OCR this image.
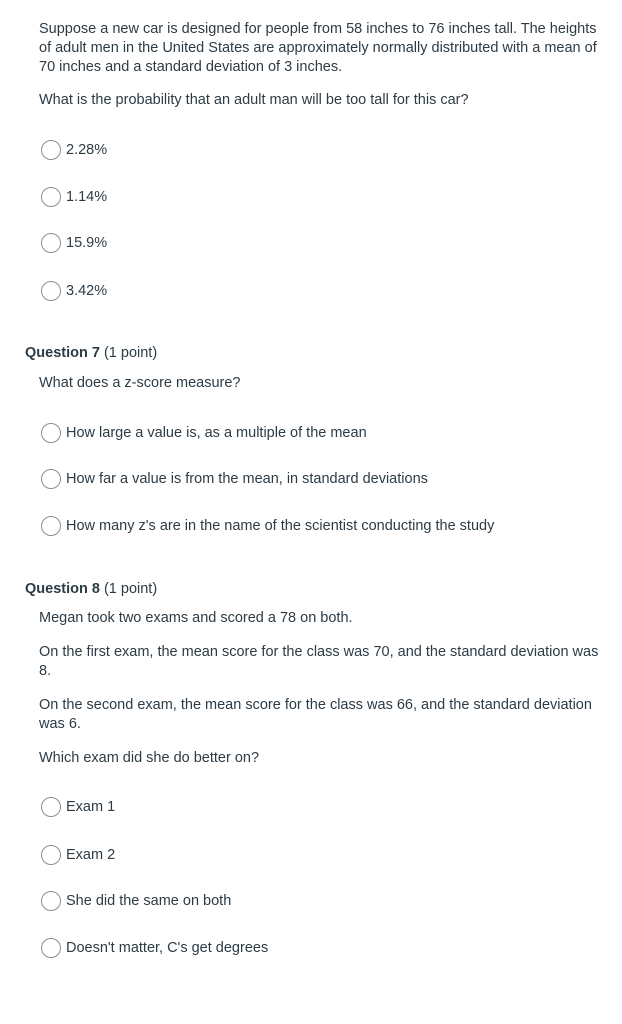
Suppose a new car is designed for people from 58 inches to 76 inches tall. The heights of adult men in the United States are approximately normally distributed with a mean of 70 inches and a standard deviation of 3 inches.

What is the probability that an adult man will be too tall for this car?

2.28%
1.14%
15.9%
3.42%

Question 7 (1 point)

What does a z-score measure?

How large a value is, as a multiple of the mean
How far a value is from the mean, in standard deviations
How many z's are in the name of the scientist conducting the study

Question 8 (1 point)

Megan took two exams and scored a 78 on both.

On the first exam, the mean score for the class was 70, and the standard deviation was 8.

On the second exam, the mean score for the class was 66, and the standard deviation was 6.

Which exam did she do better on?

Exam 1
Exam 2
She did the same on both
Doesn't matter, C's get degrees
